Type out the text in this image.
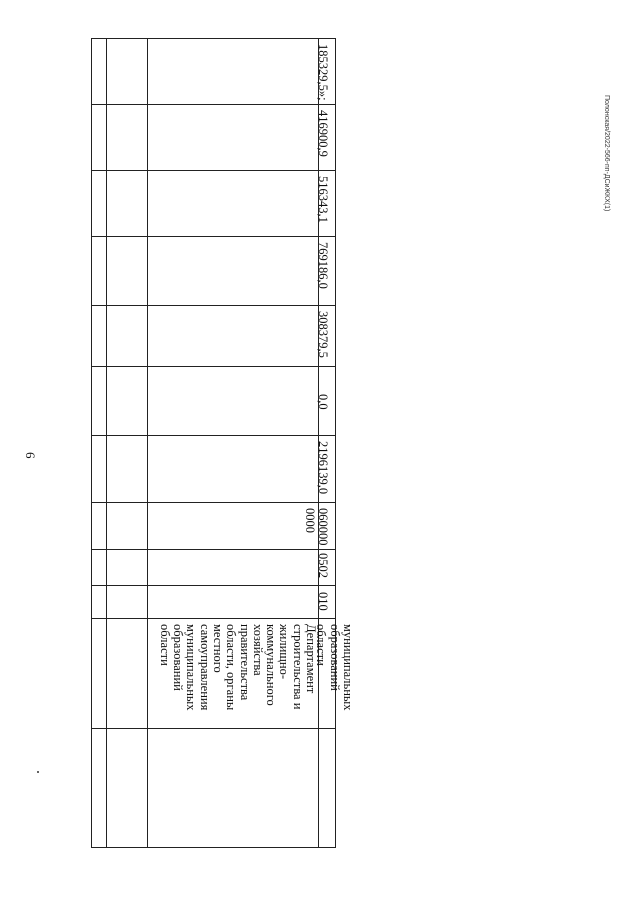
6
Полонская/2022-566-пп-ДСиЖКХ(1)
185329,5»;
416900,9
516343,1
769186,0
308379,5
0,0
2196139,0
0600000000
0502
010
муниципальных образований области
Департамент строительства и жилищно-коммунального хозяйства правительства области, органы местного самоуправления муниципальных образований области
